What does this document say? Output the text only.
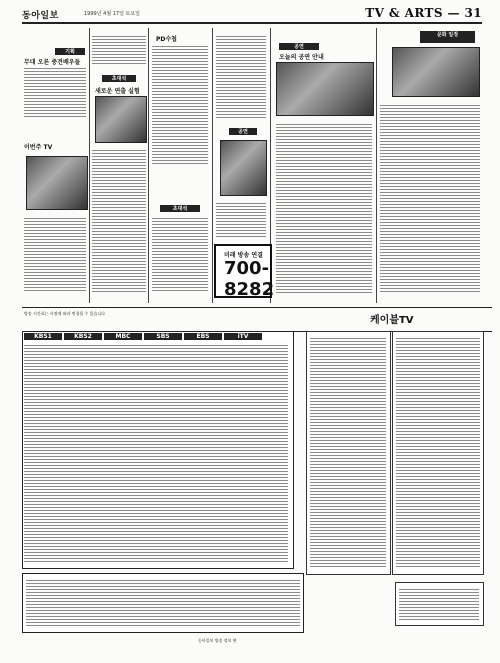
동아일보	1999년 4월 17일 토요일	TV & ARTS — 31
기획
무대 오른 중견배우들
이번주 TV
초대석
새로운 연출 실험
PD수첩
초대석
공연
미래 방송 연결
700-8282
공연
오늘의 공연 안내
문화 일정
방송 시간표는 사정에 따라 변경될 수 있습니다
케이블TV
KBS1	KBS2	MBC	SBS	EBS	iTV
동아일보 방송 정보 면
